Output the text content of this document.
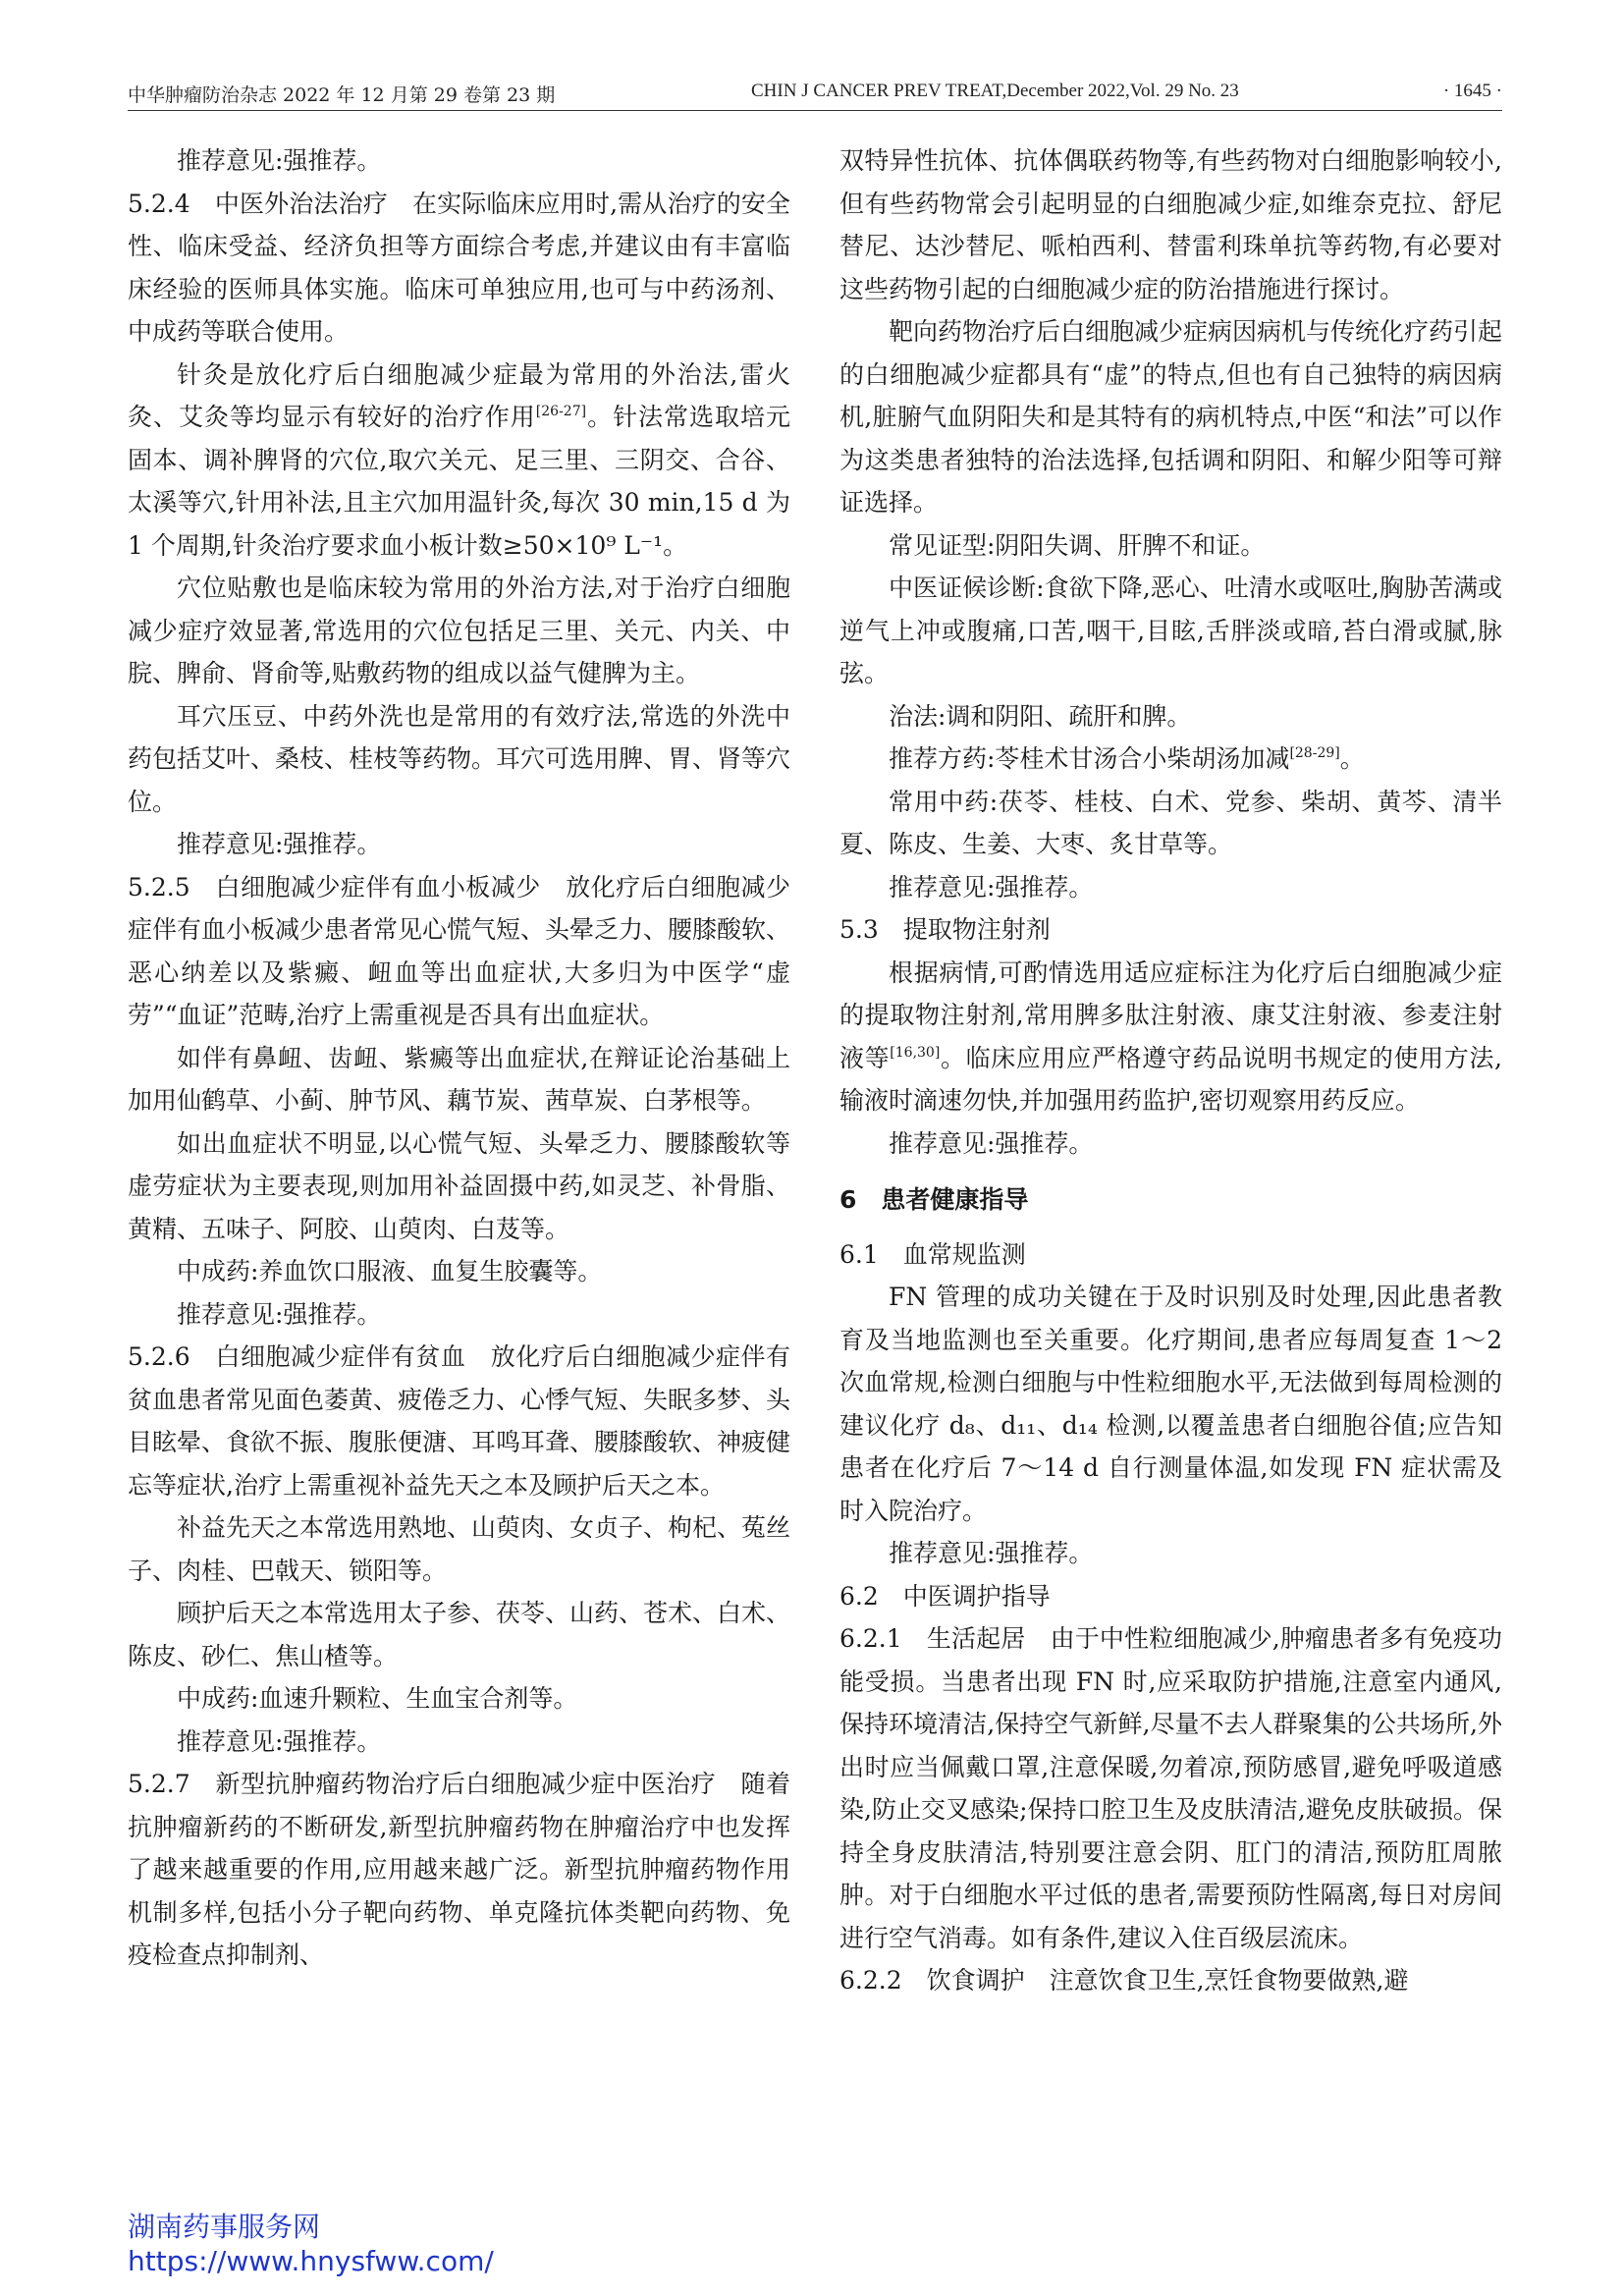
中华肿瘤防治杂志 2022 年 12 月第 29 卷第 23 期	CHIN J CANCER PREV TREAT,December 2022,Vol. 29 No. 23	· 1645 ·

推荐意见:强推荐。

5.2.4　中医外治法治疗　在实际临床应用时,需从治疗的安全性、临床受益、经济负担等方面综合考虑,并建议由有丰富临床经验的医师具体实施。临床可单独应用,也可与中药汤剂、中成药等联合使用。

针灸是放化疗后白细胞减少症最为常用的外治法,雷火灸、艾灸等均显示有较好的治疗作用[26-27]。针法常选取培元固本、调补脾肾的穴位,取穴关元、足三里、三阴交、合谷、太溪等穴,针用补法,且主穴加用温针灸,每次 30 min,15 d 为 1 个周期,针灸治疗要求血小板计数≥50×10⁹ L⁻¹。

穴位贴敷也是临床较为常用的外治方法,对于治疗白细胞减少症疗效显著,常选用的穴位包括足三里、关元、内关、中脘、脾俞、肾俞等,贴敷药物的组成以益气健脾为主。

耳穴压豆、中药外洗也是常用的有效疗法,常选的外洗中药包括艾叶、桑枝、桂枝等药物。耳穴可选用脾、胃、肾等穴位。

推荐意见:强推荐。

5.2.5　白细胞减少症伴有血小板减少　放化疗后白细胞减少症伴有血小板减少患者常见心慌气短、头晕乏力、腰膝酸软、恶心纳差以及紫癜、衄血等出血症状,大多归为中医学“虚劳”“血证”范畴,治疗上需重视是否具有出血症状。

如伴有鼻衄、齿衄、紫癜等出血症状,在辩证论治基础上加用仙鹤草、小蓟、肿节风、藕节炭、茜草炭、白茅根等。

如出血症状不明显,以心慌气短、头晕乏力、腰膝酸软等虚劳症状为主要表现,则加用补益固摄中药,如灵芝、补骨脂、黄精、五味子、阿胶、山萸肉、白芨等。

中成药:养血饮口服液、血复生胶囊等。

推荐意见:强推荐。

5.2.6　白细胞减少症伴有贫血　放化疗后白细胞减少症伴有贫血患者常见面色萎黄、疲倦乏力、心悸气短、失眠多梦、头目眩晕、食欲不振、腹胀便溏、耳鸣耳聋、腰膝酸软、神疲健忘等症状,治疗上需重视补益先天之本及顾护后天之本。

补益先天之本常选用熟地、山萸肉、女贞子、枸杞、菟丝子、肉桂、巴戟天、锁阳等。

顾护后天之本常选用太子参、茯苓、山药、苍术、白术、陈皮、砂仁、焦山楂等。

中成药:血速升颗粒、生血宝合剂等。

推荐意见:强推荐。

5.2.7　新型抗肿瘤药物治疗后白细胞减少症中医治疗　随着抗肿瘤新药的不断研发,新型抗肿瘤药物在肿瘤治疗中也发挥了越来越重要的作用,应用越来越广泛。新型抗肿瘤药物作用机制多样,包括小分子靶向药物、单克隆抗体类靶向药物、免疫检查点抑制剂、

双特异性抗体、抗体偶联药物等,有些药物对白细胞影响较小,但有些药物常会引起明显的白细胞减少症,如维奈克拉、舒尼替尼、达沙替尼、哌柏西利、替雷利珠单抗等药物,有必要对这些药物引起的白细胞减少症的防治措施进行探讨。

靶向药物治疗后白细胞减少症病因病机与传统化疗药引起的白细胞减少症都具有“虚”的特点,但也有自己独特的病因病机,脏腑气血阴阳失和是其特有的病机特点,中医“和法”可以作为这类患者独特的治法选择,包括调和阴阳、和解少阳等可辩证选择。

常见证型:阴阳失调、肝脾不和证。

中医证候诊断:食欲下降,恶心、吐清水或呕吐,胸胁苦满或逆气上冲或腹痛,口苦,咽干,目眩,舌胖淡或暗,苔白滑或腻,脉弦。

治法:调和阴阳、疏肝和脾。

推荐方药:苓桂术甘汤合小柴胡汤加减[28-29]。

常用中药:茯苓、桂枝、白术、党参、柴胡、黄芩、清半夏、陈皮、生姜、大枣、炙甘草等。

推荐意见:强推荐。

5.3　提取物注射剂

根据病情,可酌情选用适应症标注为化疗后白细胞减少症的提取物注射剂,常用脾多肽注射液、康艾注射液、参麦注射液等[16,30]。临床应用应严格遵守药品说明书规定的使用方法,输液时滴速勿快,并加强用药监护,密切观察用药反应。

推荐意见:强推荐。

6　患者健康指导

6.1　血常规监测

FN 管理的成功关键在于及时识别及时处理,因此患者教育及当地监测也至关重要。化疗期间,患者应每周复查 1～2 次血常规,检测白细胞与中性粒细胞水平,无法做到每周检测的建议化疗 d₈、d₁₁、d₁₄ 检测,以覆盖患者白细胞谷值;应告知患者在化疗后 7～14 d 自行测量体温,如发现 FN 症状需及时入院治疗。

推荐意见:强推荐。

6.2　中医调护指导

6.2.1　生活起居　由于中性粒细胞减少,肿瘤患者多有免疫功能受损。当患者出现 FN 时,应采取防护措施,注意室内通风,保持环境清洁,保持空气新鲜,尽量不去人群聚集的公共场所,外出时应当佩戴口罩,注意保暖,勿着凉,预防感冒,避免呼吸道感染,防止交叉感染;保持口腔卫生及皮肤清洁,避免皮肤破损。保持全身皮肤清洁,特别要注意会阴、肛门的清洁,预防肛周脓肿。对于白细胞水平过低的患者,需要预防性隔离,每日对房间进行空气消毒。如有条件,建议入住百级层流床。

6.2.2　饮食调护　注意饮食卫生,烹饪食物要做熟,避

湖南药事服务网
https://www.hnysfww.com/
